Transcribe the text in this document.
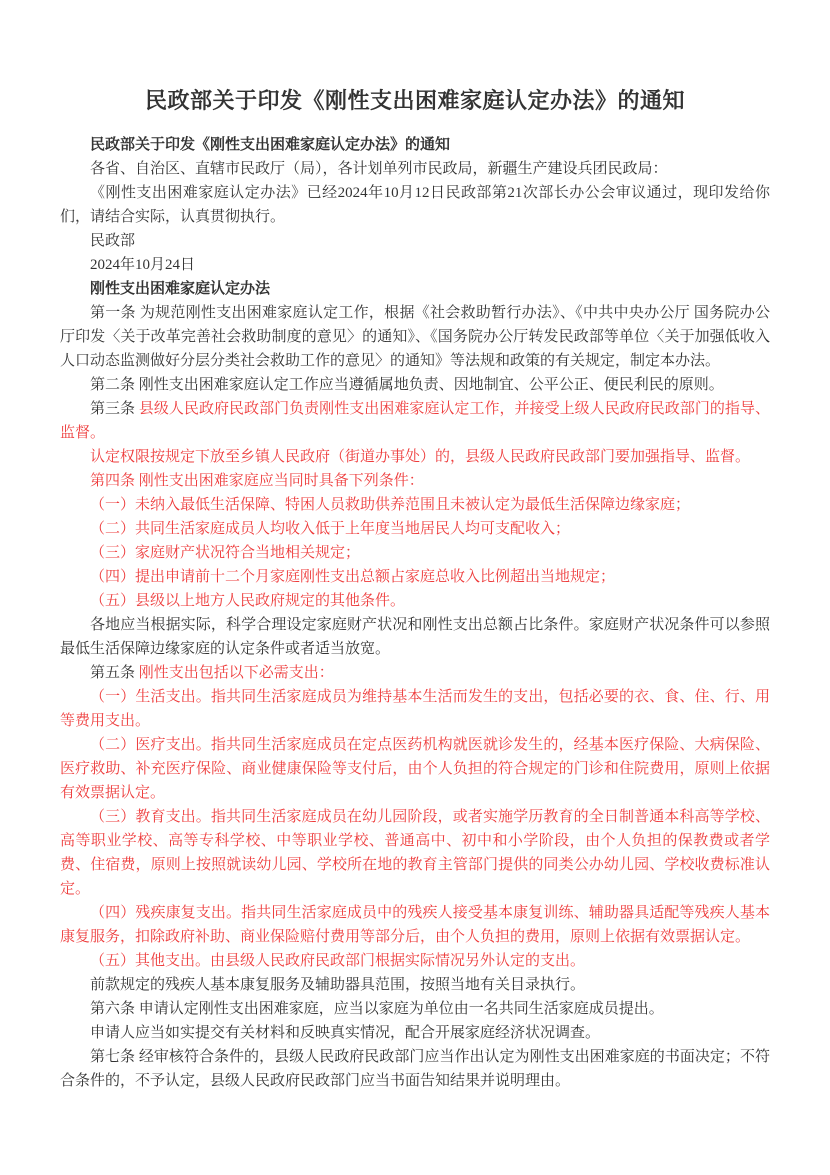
民政部关于印发《刚性支出困难家庭认定办法》的通知

民政部关于印发《刚性支出困难家庭认定办法》的通知

各省、自治区、直辖市民政厅（局），各计划单列市民政局，新疆生产建设兵团民政局：

《刚性支出困难家庭认定办法》已经2024年10月12日民政部第21次部长办公会审议通过，现印发给你们，请结合实际，认真贯彻执行。

民政部

2024年10月24日

刚性支出困难家庭认定办法

第一条 为规范刚性支出困难家庭认定工作，根据《社会救助暂行办法》、《中共中央办公厅 国务院办公厅印发〈关于改革完善社会救助制度的意见〉的通知》、《国务院办公厅转发民政部等单位〈关于加强低收入人口动态监测做好分层分类社会救助工作的意见〉的通知》等法规和政策的有关规定，制定本办法。

第二条 刚性支出困难家庭认定工作应当遵循属地负责、因地制宜、公平公正、便民利民的原则。

第三条 县级人民政府民政部门负责刚性支出困难家庭认定工作，并接受上级人民政府民政部门的指导、监督。

认定权限按规定下放至乡镇人民政府（街道办事处）的，县级人民政府民政部门要加强指导、监督。

第四条 刚性支出困难家庭应当同时具备下列条件：

（一）未纳入最低生活保障、特困人员救助供养范围且未被认定为最低生活保障边缘家庭；

（二）共同生活家庭成员人均收入低于上年度当地居民人均可支配收入；

（三）家庭财产状况符合当地相关规定；

（四）提出申请前十二个月家庭刚性支出总额占家庭总收入比例超出当地规定；

（五）县级以上地方人民政府规定的其他条件。

各地应当根据实际，科学合理设定家庭财产状况和刚性支出总额占比条件。家庭财产状况条件可以参照最低生活保障边缘家庭的认定条件或者适当放宽。

第五条 刚性支出包括以下必需支出：

（一）生活支出。指共同生活家庭成员为维持基本生活而发生的支出，包括必要的衣、食、住、行、用等费用支出。

（二）医疗支出。指共同生活家庭成员在定点医药机构就医就诊发生的，经基本医疗保险、大病保险、医疗救助、补充医疗保险、商业健康保险等支付后，由个人负担的符合规定的门诊和住院费用，原则上依据有效票据认定。

（三）教育支出。指共同生活家庭成员在幼儿园阶段，或者实施学历教育的全日制普通本科高等学校、高等职业学校、高等专科学校、中等职业学校、普通高中、初中和小学阶段，由个人负担的保教费或者学费、住宿费，原则上按照就读幼儿园、学校所在地的教育主管部门提供的同类公办幼儿园、学校收费标准认定。

（四）残疾康复支出。指共同生活家庭成员中的残疾人接受基本康复训练、辅助器具适配等残疾人基本康复服务，扣除政府补助、商业保险赔付费用等部分后，由个人负担的费用，原则上依据有效票据认定。

（五）其他支出。由县级人民政府民政部门根据实际情况另外认定的支出。

前款规定的残疾人基本康复服务及辅助器具范围，按照当地有关目录执行。

第六条 申请认定刚性支出困难家庭，应当以家庭为单位由一名共同生活家庭成员提出。

申请人应当如实提交有关材料和反映真实情况，配合开展家庭经济状况调查。

第七条 经审核符合条件的，县级人民政府民政部门应当作出认定为刚性支出困难家庭的书面决定；不符合条件的，不予认定，县级人民政府民政部门应当书面告知结果并说明理由。
